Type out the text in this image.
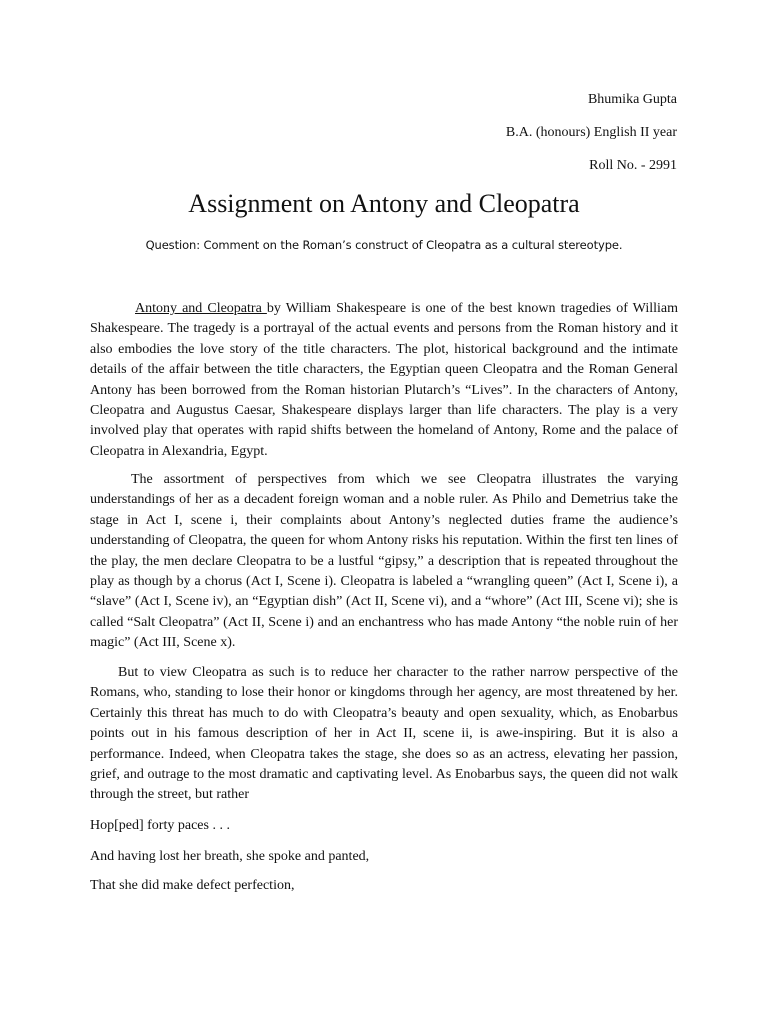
Bhumika Gupta
B.A. (honours) English II year
Roll No. - 2991
Assignment on Antony and Cleopatra
Question: Comment on the Roman’s construct of Cleopatra as a cultural stereotype.

Antony and Cleopatra by William Shakespeare is one of the best known tragedies of William Shakespeare. The tragedy is a portrayal of the actual events and persons from the Roman history and it also embodies the love story of the title characters. The plot, historical background and the intimate details of the affair between the title characters, the Egyptian queen Cleopatra and the Roman General Antony has been borrowed from the Roman historian Plutarch’s “Lives”. In the characters of Antony, Cleopatra and Augustus Caesar, Shakespeare displays larger than life characters. The play is a very involved play that operates with rapid shifts between the homeland of Antony, Rome and the palace of Cleopatra in Alexandria, Egypt.

The assortment of perspectives from which we see Cleopatra illustrates the varying understandings of her as a decadent foreign woman and a noble ruler. As Philo and Demetrius take the stage in Act I, scene i, their complaints about Antony’s neglected duties frame the audience’s understanding of Cleopatra, the queen for whom Antony risks his reputation. Within the first ten lines of the play, the men declare Cleopatra to be a lustful “gipsy,” a description that is repeated throughout the play as though by a chorus (Act I, Scene i). Cleopatra is labeled a “wrangling queen” (Act I, Scene i), a “slave” (Act I, Scene iv), an “Egyptian dish” (Act II, Scene vi), and a “whore” (Act III, Scene vi); she is called “Salt Cleopatra” (Act II, Scene i) and an enchantress who has made Antony “the noble ruin of her magic” (Act III, Scene x).

But to view Cleopatra as such is to reduce her character to the rather narrow perspective of the Romans, who, standing to lose their honor or kingdoms through her agency, are most threatened by her. Certainly this threat has much to do with Cleopatra’s beauty and open sexuality, which, as Enobarbus points out in his famous description of her in Act II, scene ii, is awe-inspiring. But it is also a performance. Indeed, when Cleopatra takes the stage, she does so as an actress, elevating her passion, grief, and outrage to the most dramatic and captivating level. As Enobarbus says, the queen did not walk through the street, but rather

Hop[ped] forty paces . . .
And having lost her breath, she spoke and panted,
That she did make defect perfection,
